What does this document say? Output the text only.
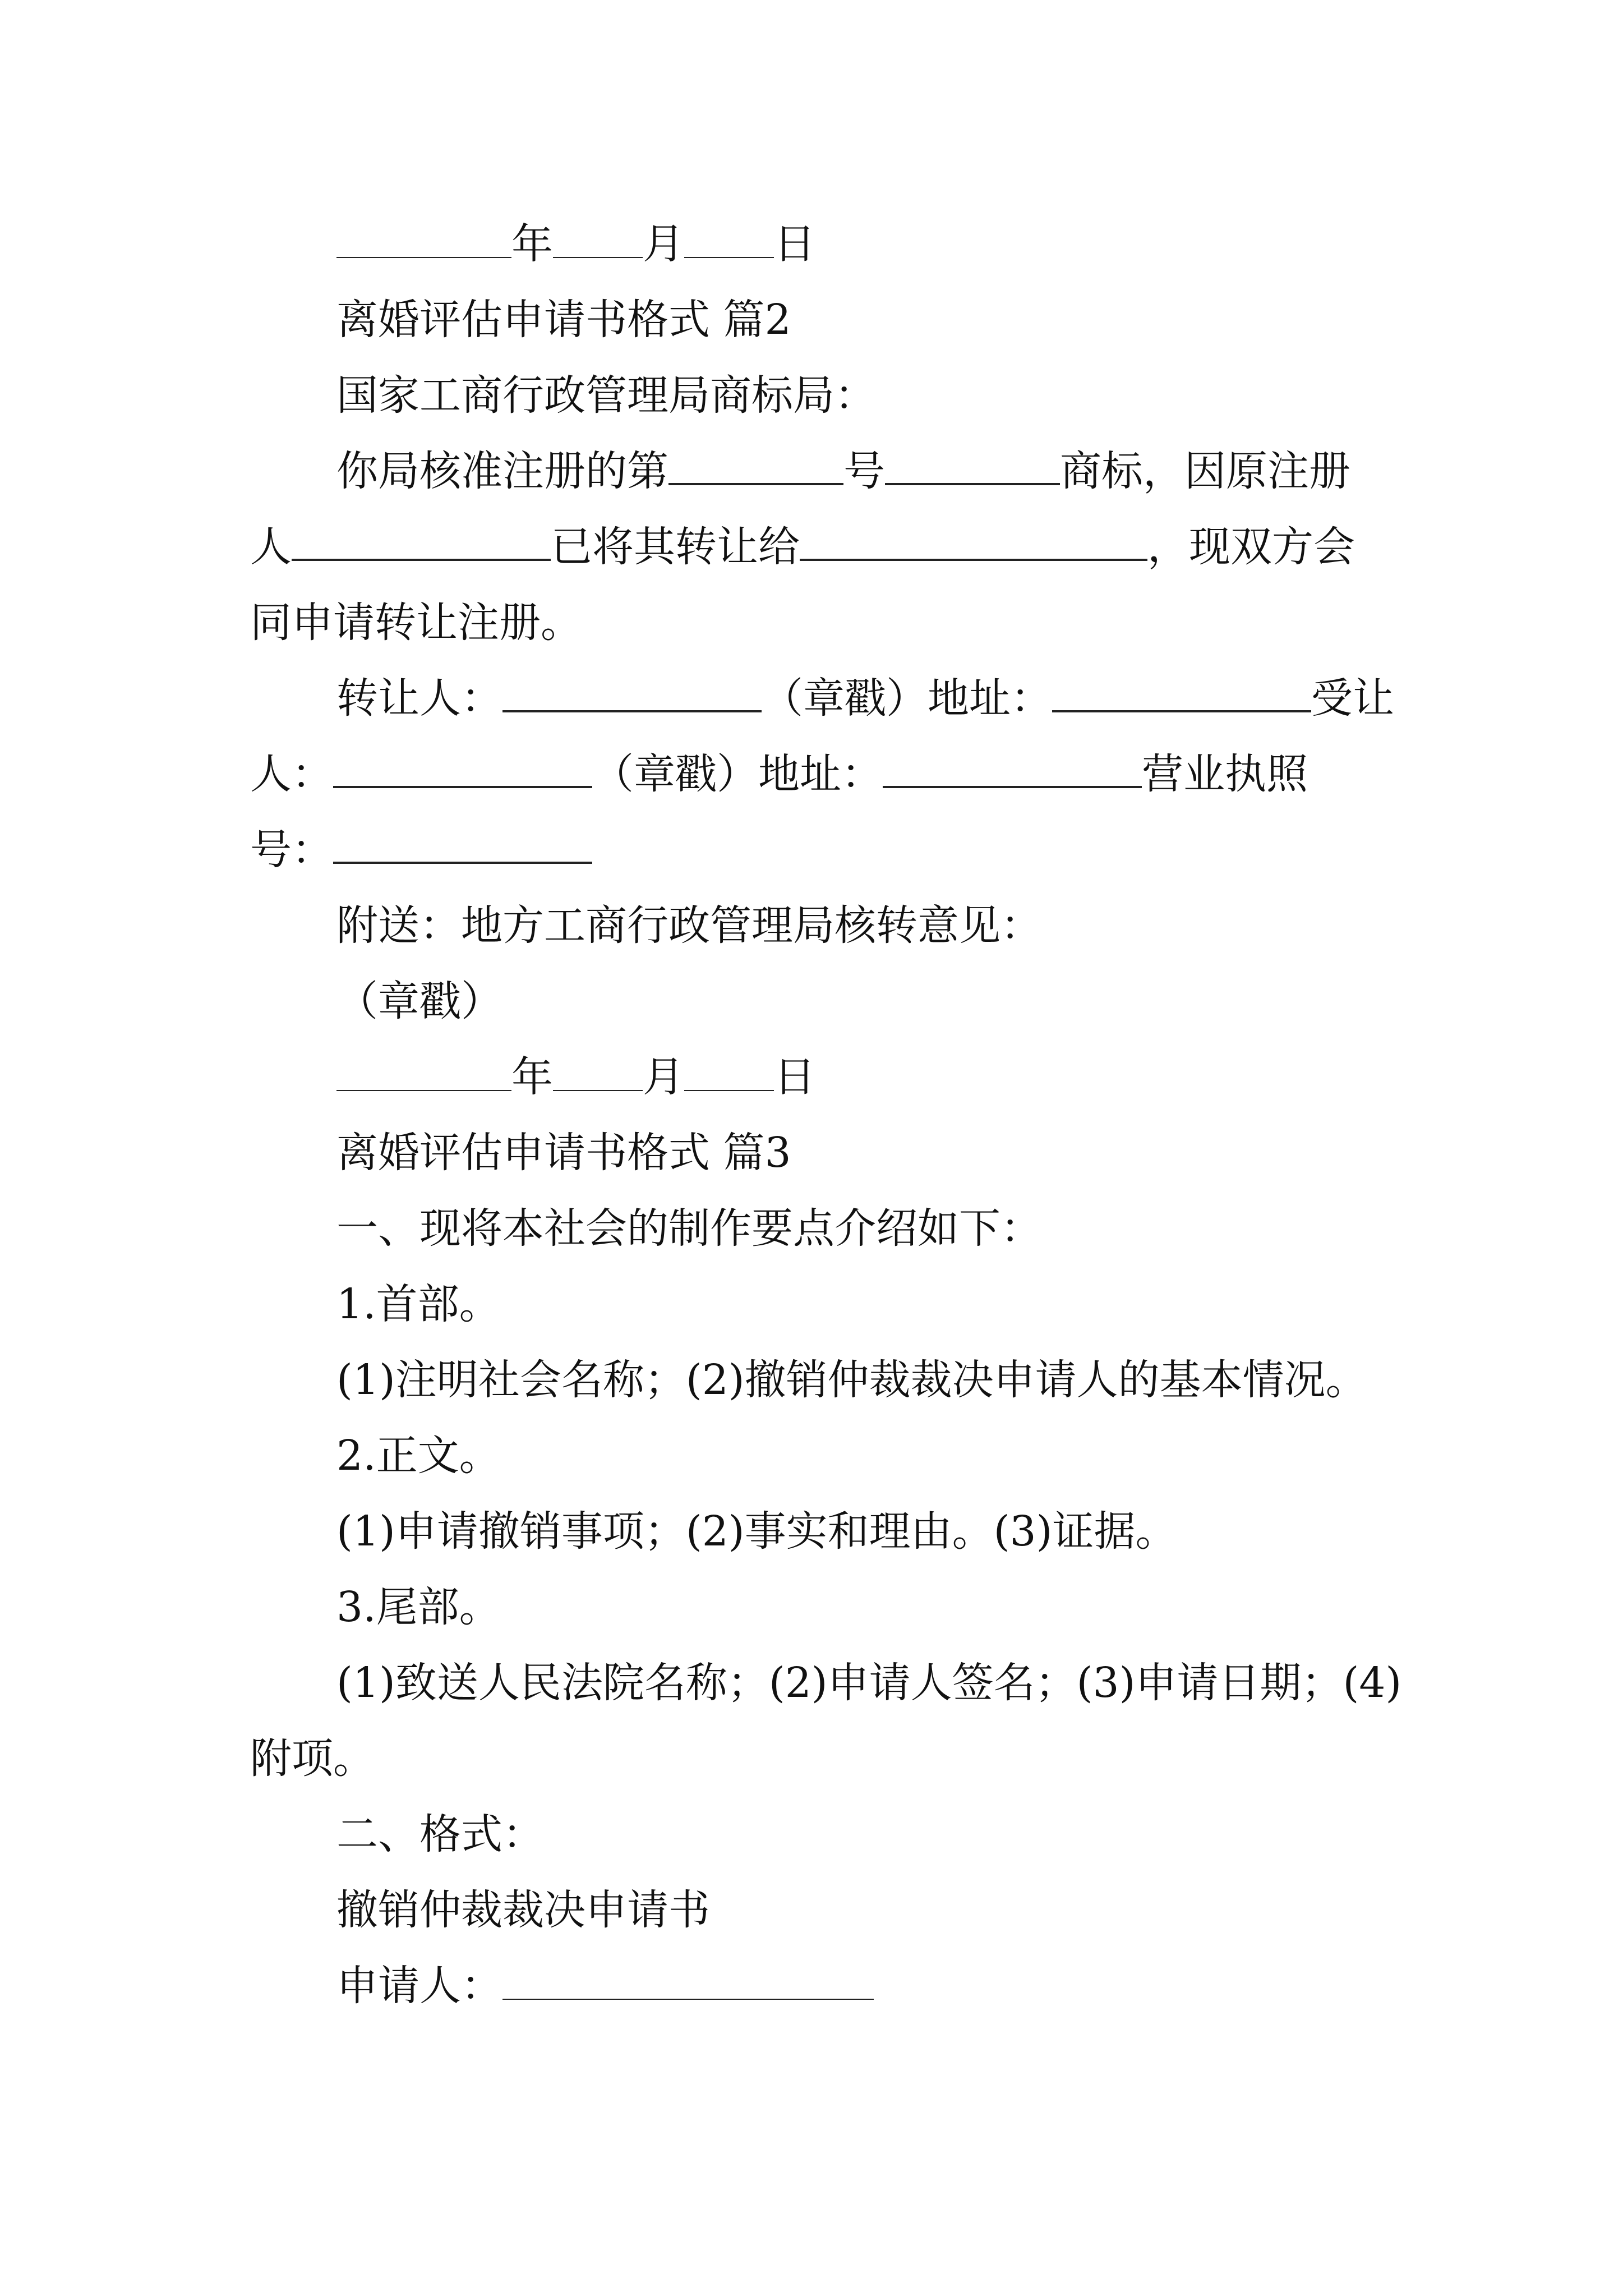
年 月 日
离婚评估申请书格式 篇2
国家工商行政管理局商标局：
你局核准注册的第	号	商标，因原注册
人	已将其转让给	，现双方会
同申请转让注册。
转让人：	（章戳）地址：	受让
人：	（章戳）地址：	营业执照
号：
附送：地方工商行政管理局核转意见：
（章戳）
年 月 日
离婚评估申请书格式 篇3
一、现将本社会的制作要点介绍如下：
1.首部。
(1)注明社会名称；(2)撤销仲裁裁决申请人的基本情况。
2.正文。
(1)申请撤销事项；(2)事实和理由。(3)证据。
3.尾部。
(1)致送人民法院名称；(2)申请人签名；(3)申请日期；(4)
附项。
二、格式：
撤销仲裁裁决申请书
申请人：
